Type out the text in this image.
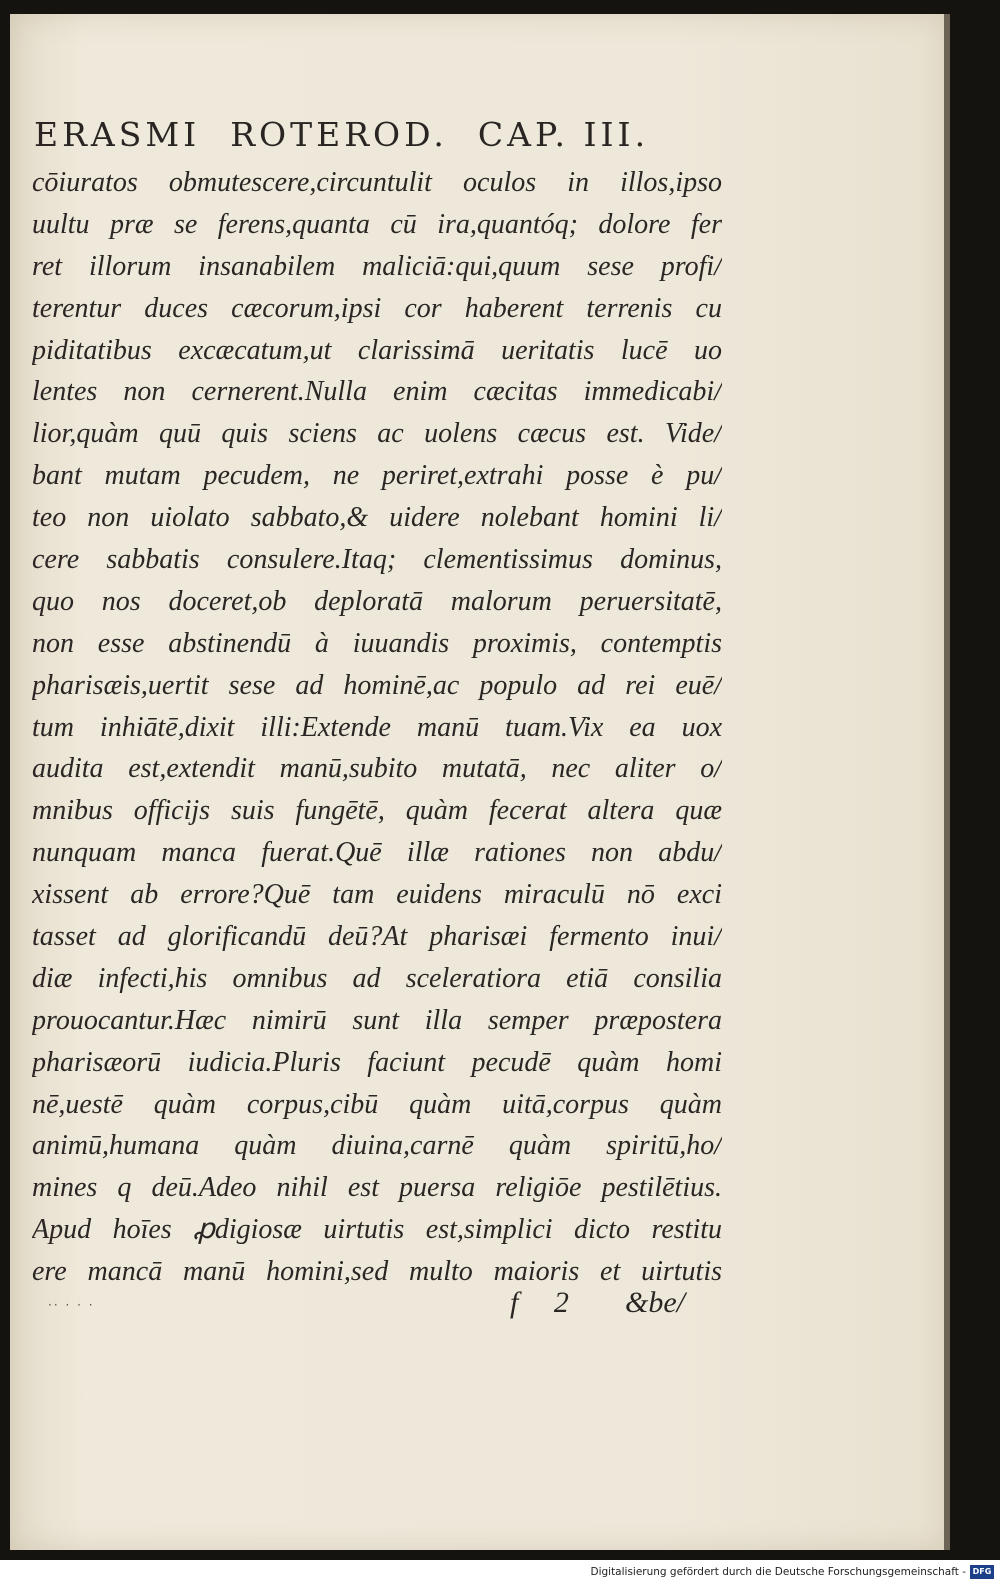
ERASMI ROTEROD. CAP. III.
cōiuratos obmutescere,circuntulit oculos in illos,ipso
uultu præ se ferens,quanta cū ira,quantóq; dolore fer
ret illorum insanabilem maliciā:qui,quum sese profi/
terentur duces cæcorum,ipsi cor haberent terrenis cu
piditatibus excæcatum,ut clarissimā ueritatis lucē uo
lentes non cernerent.Nulla enim cæcitas immedicabi/
lior,quàm quū quis sciens ac uolens cæcus est. Vide/
bant mutam pecudem, ne periret,extrahi posse è pu/
teo non uiolato sabbato,& uidere nolebant homini li/
cere sabbatis consulere.Itaq; clementissimus dominus,
quo nos doceret,ob deploratā malorum peruersitatē,
non esse abstinendū à iuuandis proximis, contemptis
pharisæis,uertit sese ad hominē,ac populo ad rei euē/
tum inhiātē,dixit illi:Extende manū tuam.Vix ea uox
audita est,extendit manū,subito mutatā, nec aliter o/
mnibus officijs suis fungētē, quàm fecerat altera quæ
nunquam manca fuerat.Quē illæ rationes non abdu/
xissent ab errore?Quē tam euidens miraculū nō exci
tasset ad glorificandū deū?At pharisæi fermento inui/
diæ infecti,his omnibus ad sceleratiora etiā consilia
prouocantur.Hæc nimirū sunt illa semper præpostera
pharisæorū iudicia.Pluris faciunt pecudē quàm homi
nē,uestē quàm corpus,cibū quàm uitā,corpus quàm
animū,humana quàm diuina,carnē quàm spiritū,ho/
mines q deū.Adeo nihil est puersa religiōe pestilētius.
Apud hoīes ꝓdigiosæ uirtutis est,simplici dicto restitu
ere mancā manū homini,sed multo maioris et uirtutis
·· · · ·	f 2 &be/
Digitalisierung gefördert durch die Deutsche Forschungsgemeinschaft - DFG
